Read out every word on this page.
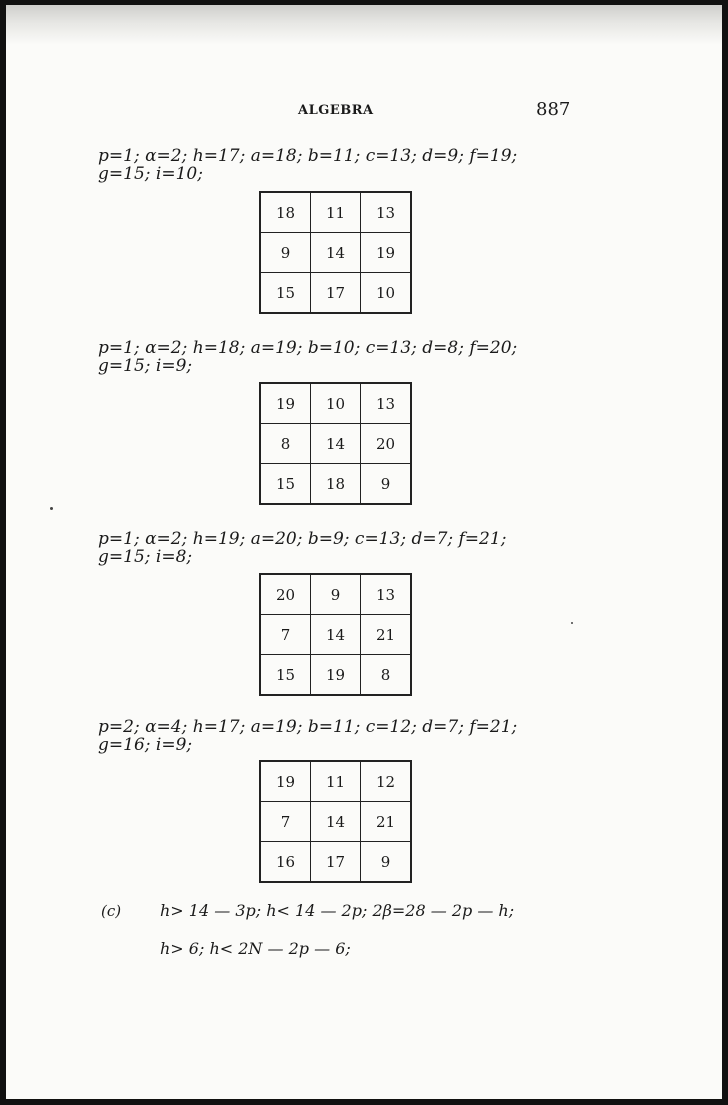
ALGEBRA	887
p=1; α=2; h=17; a=18; b=11; c=13; d=9; f=19;
g=15; i=10;
18	11	13
9	14	19
15	17	10
p=1; α=2; h=18; a=19; b=10; c=13; d=8; f=20;
g=15; i=9;
19	10	13
8	14	20
15	18	9
p=1; α=2; h=19; a=20; b=9; c=13; d=7; f=21;
g=15; i=8;
20	9	13
7	14	21
15	19	8
p=2; α=4; h=17; a=19; b=11; c=12; d=7; f=21;
g=16; i=9;
19	11	12
7	14	21
16	17	9
(c) h> 14 — 3p; h< 14 — 2p; 2β=28 — 2p — h;
h> 6; h< 2N — 2p — 6;
